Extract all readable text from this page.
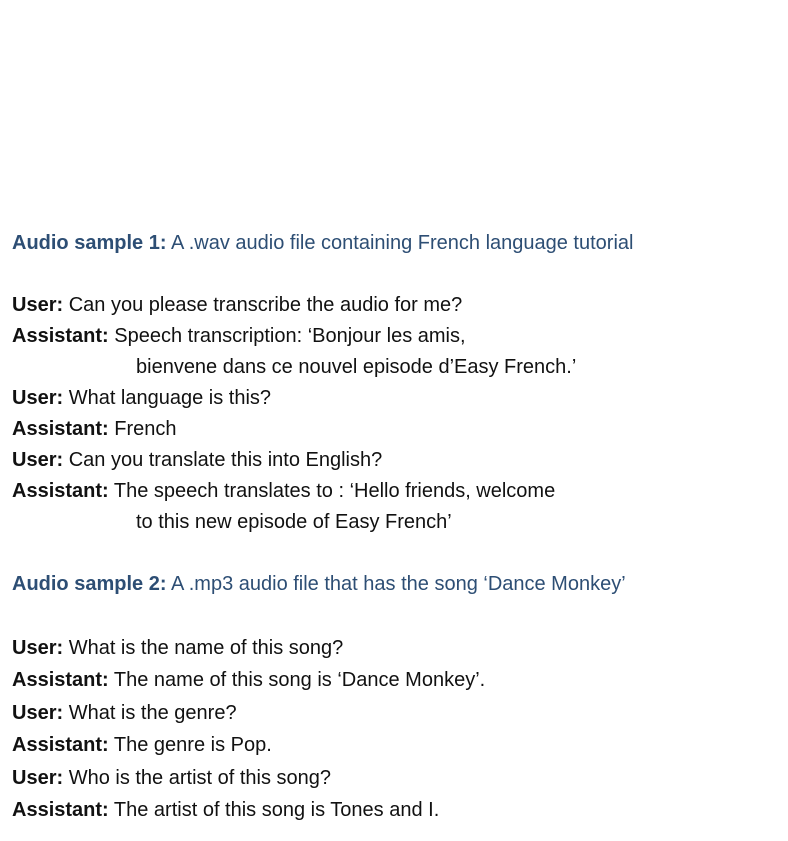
Audio sample 1: A .wav audio file containing French language tutorial
User: Can you please transcribe the audio for me?
Assistant: Speech transcription: ‘Bonjour les amis,
bienvene dans ce nouvel episode d’Easy French.’
User: What language is this?
Assistant: French
User: Can you translate this into English?
Assistant: The speech translates to : ‘Hello friends, welcome
to this new episode of Easy French’
Audio sample 2: A .mp3 audio file that has the song ‘Dance Monkey’
User: What is the name of this song?
Assistant: The name of this song is ‘Dance Monkey’.
User: What is the genre?
Assistant: The genre is Pop.
User: Who is the artist of this song?
Assistant: The artist of this song is Tones and I.
